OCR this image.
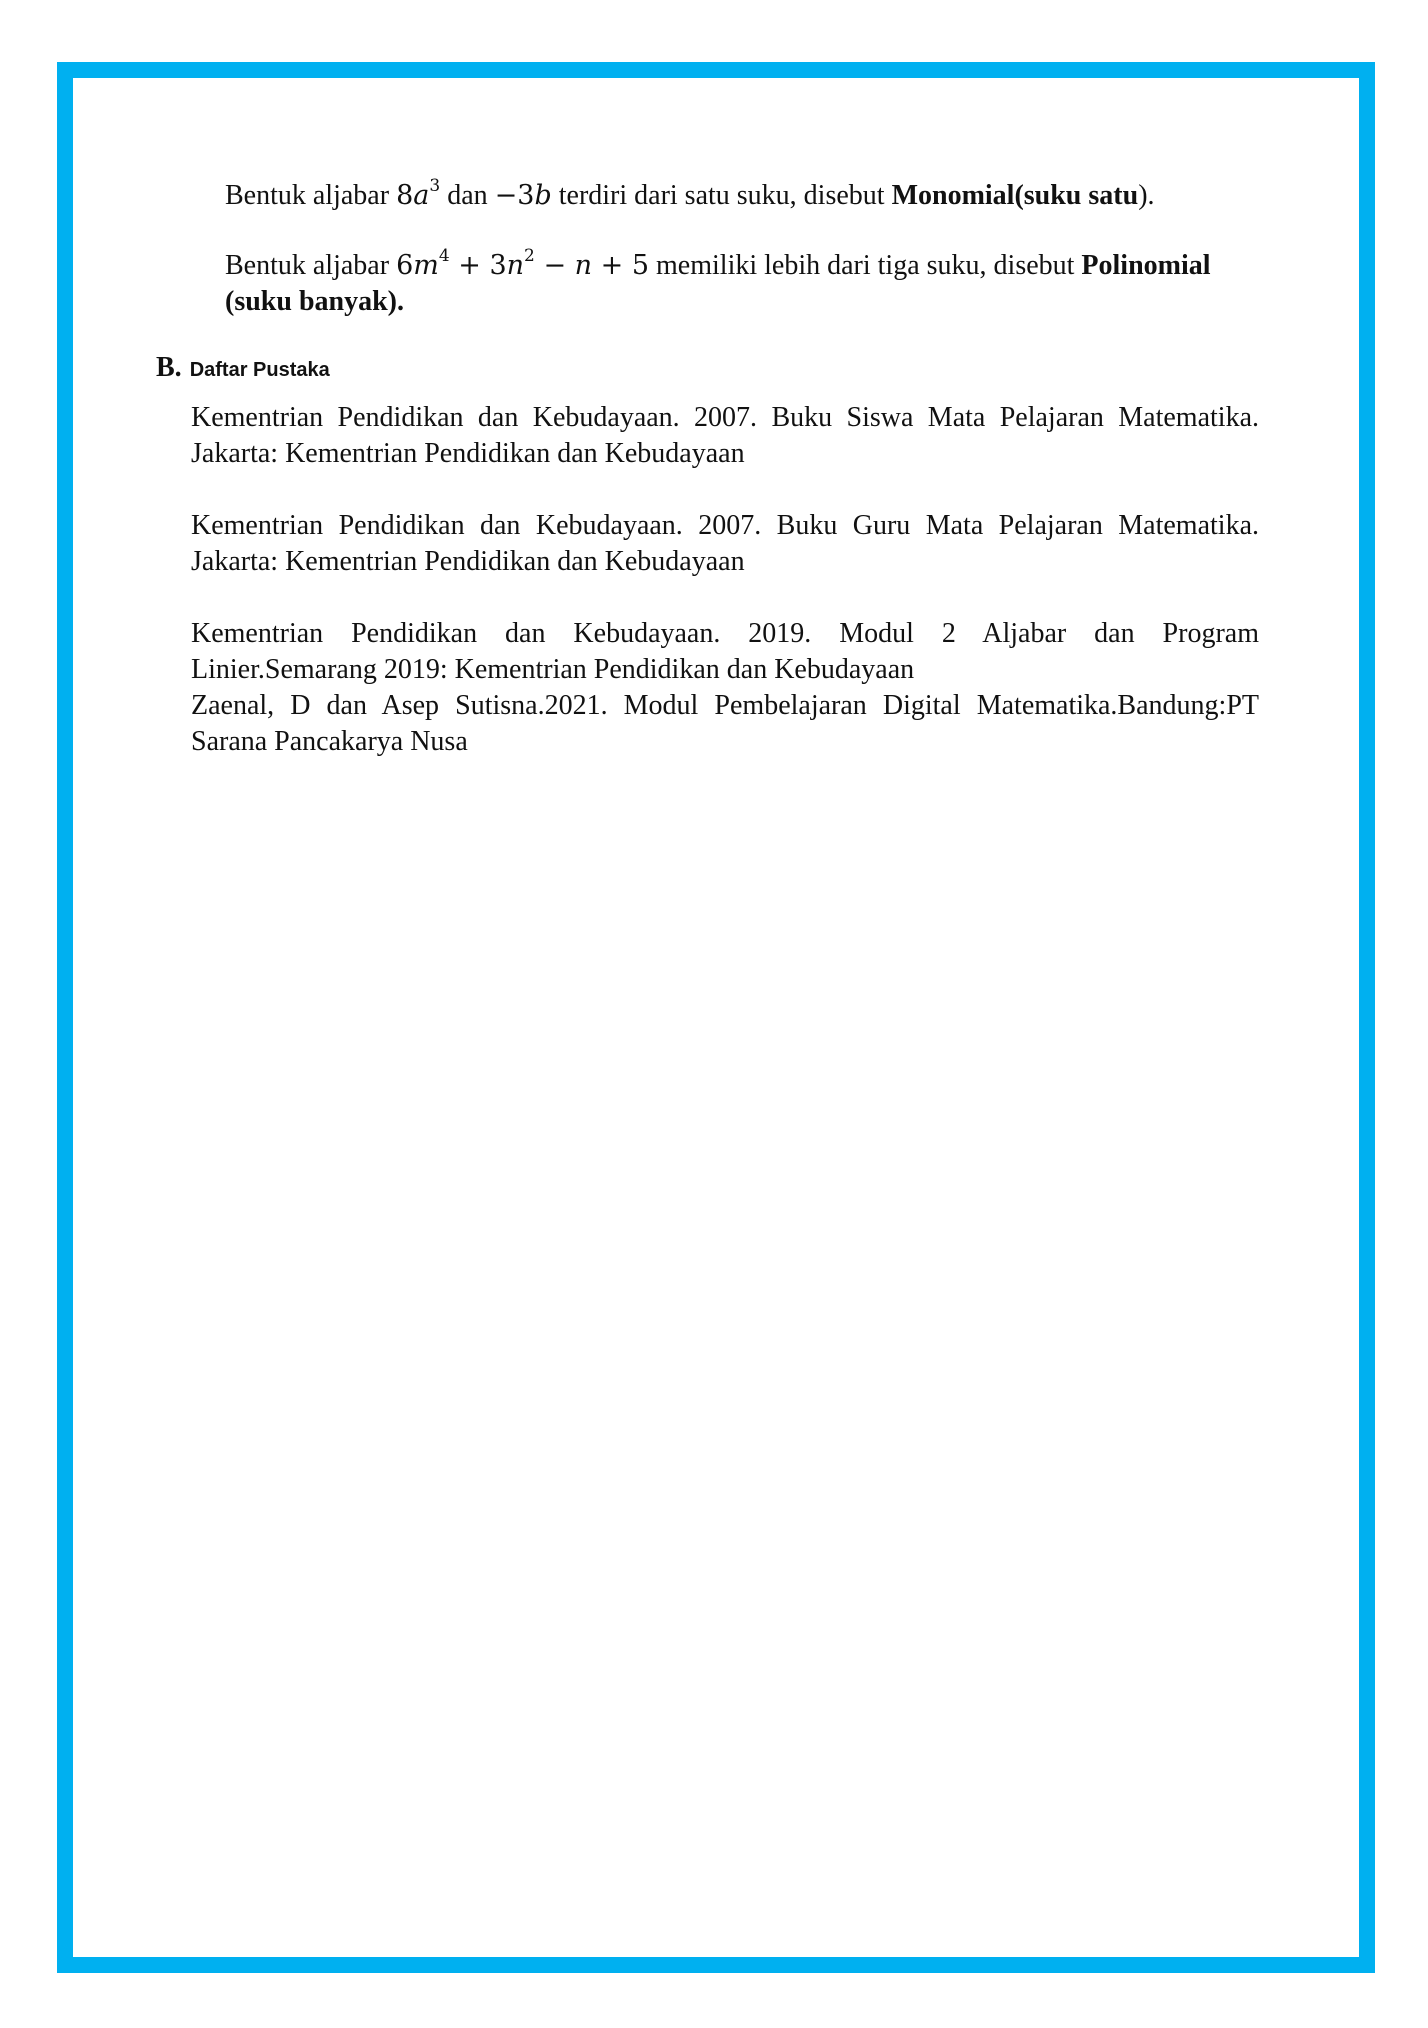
Bentuk aljabar $8a^3$ dan −3b terdiri dari satu suku, disebut Monomial(suku satu).
Bentuk aljabar $6m^4 + 3n^2 - n + 5$ memiliki lebih dari tiga suku, disebut Polinomial
(suku banyak).
B. Daftar Pustaka
Kementrian Pendidikan dan Kebudayaan. 2007. Buku Siswa Mata Pelajaran Matematika.
Jakarta: Kementrian Pendidikan dan Kebudayaan
Kementrian Pendidikan dan Kebudayaan. 2007. Buku Guru Mata Pelajaran Matematika.
Jakarta: Kementrian Pendidikan dan Kebudayaan
Kementrian Pendidikan dan Kebudayaan. 2019. Modul 2 Aljabar dan Program
Linier.Semarang 2019: Kementrian Pendidikan dan Kebudayaan
Zaenal, D dan Asep Sutisna.2021. Modul Pembelajaran Digital Matematika.Bandung:PT
Sarana Pancakarya Nusa
